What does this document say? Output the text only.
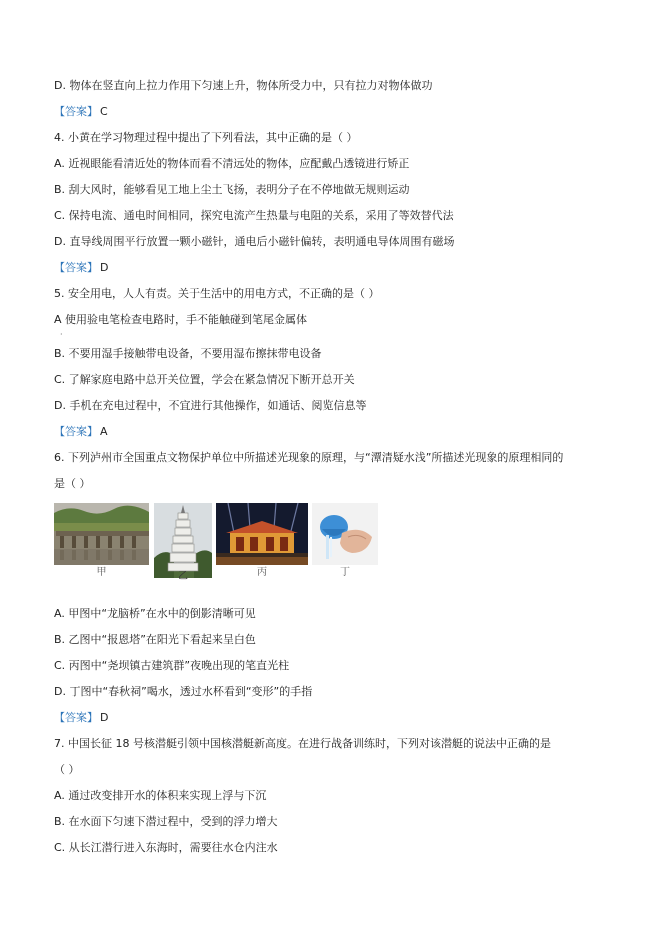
D. 物体在竖直向上拉力作用下匀速上升，物体所受力中，只有拉力对物体做功
【答案】 C
4. 小黄在学习物理过程中提出了下列看法，其中正确的是（ ）
A. 近视眼能看清近处的物体而看不清远处的物体，应配戴凸透镜进行矫正
B. 刮大风时，能够看见工地上尘土飞扬，表明分子在不停地做无规则运动
C. 保持电流、通电时间相同，探究电流产生热量与电阻的关系，采用了等效替代法
D. 直导线周围平行放置一颗小磁针，通电后小磁针偏转，表明通电导体周围有磁场
【答案】 D
5. 安全用电，人人有责。关于生活中的用电方式，不正确的是（ ）
A 使用验电笔检查电路时，手不能触碰到笔尾金属体
·
B. 不要用湿手接触带电设备，不要用湿布擦抹带电设备
C. 了解家庭电路中总开关位置，学会在紧急情况下断开总开关
D. 手机在充电过程中，不宜进行其他操作，如通话、阅览信息等
【答案】 A
6. 下列泸州市全国重点文物保护单位中所描述光现象的原理，与“潭清疑水浅”所描述光现象的原理相同的
是（ ）
甲	乙	丙	丁
A. 甲图中“龙脑桥”在水中的倒影清晰可见
B. 乙图中“报恩塔”在阳光下看起来呈白色
C. 丙图中“尧坝镇古建筑群”夜晚出现的笔直光柱
D. 丁图中“春秋祠”喝水，透过水杯看到“变形”的手指
【答案】 D
7. 中国长征 18 号核潜艇引领中国核潜艇新高度。在进行战备训练时，下列对该潜艇的说法中正确的是
（ ）
A. 通过改变排开水的体积来实现上浮与下沉
B. 在水面下匀速下潜过程中，受到的浮力增大
C. 从长江潜行进入东海时，需要往水仓内注水
